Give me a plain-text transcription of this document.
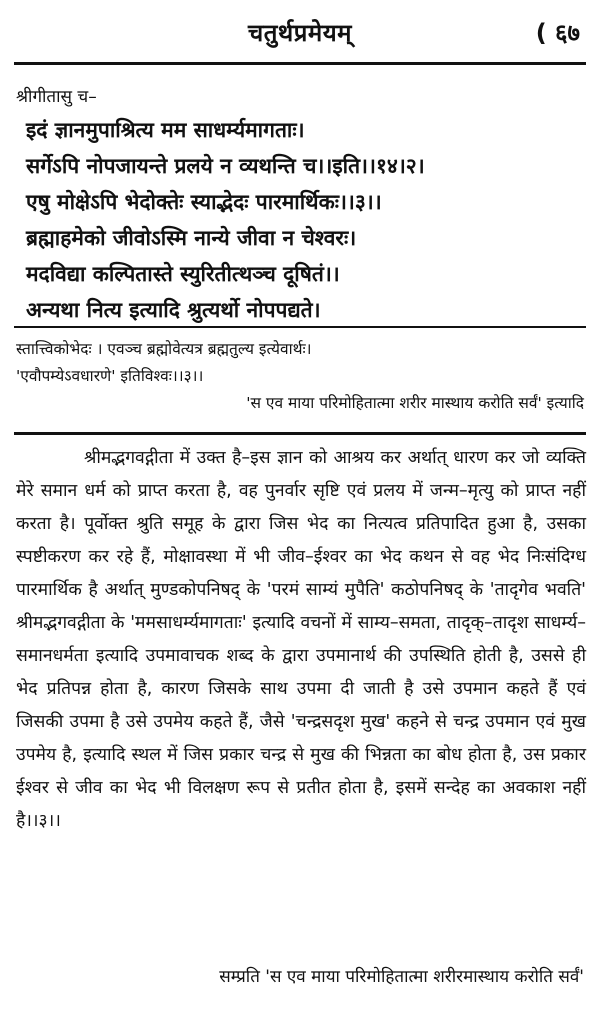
चतुर्थप्रमेयम्	( ६७
श्रीगीतासु च–
इदं ज्ञानमुपाश्रित्य मम साधर्म्यमागताः।
सर्गेऽपि नोपजायन्ते प्रलये न व्यथन्ति च।।इति।।१४।२।
एषु मोक्षेऽपि भेदोक्तेः स्याद्भेदः पारमार्थिकः।।३।।
ब्रह्माहमेको जीवोऽस्मि नान्ये जीवा न चेश्वरः।
मदविद्या कल्पितास्ते स्युरितीत्थञ्च दूषितं।।
अन्यथा नित्य इत्यादि श्रुत्यर्थो नोपपद्यते।
स्तात्त्विकोभेदः । एवञ्च ब्रह्मोवेत्यत्र ब्रह्मतुल्य इत्येवार्थः।
'एवौपम्येऽवधारणे' इतिविश्वः।।३।।
'स एव माया परिमोहितात्मा शरीर मास्थाय करोति सर्वं' इत्यादि

श्रीमद्भगवद्गीता में उक्त है–इस ज्ञान को आश्रय कर अर्थात् धारण कर जो व्यक्ति मेरे समान धर्म को प्राप्त करता है, वह पुनर्वार सृष्टि एवं प्रलय में जन्म–मृत्यु को प्राप्त नहीं करता है। पूर्वोक्त श्रुति समूह के द्वारा जिस भेद का नित्यत्व प्रतिपादित हुआ है, उसका स्पष्टीकरण कर रहे हैं, मोक्षावस्था में भी जीव–ईश्वर का भेद कथन से वह भेद निःसंदिग्ध पारमार्थिक है अर्थात् मुण्डकोपनिषद् के 'परमं साम्यं मुपैति' कठोपनिषद् के 'तादृगेव भवति' श्रीमद्भगवद्गीता के 'ममसाधर्म्यमागताः' इत्यादि वचनों में साम्य–समता, तादृक्–तादृश साधर्म्य–समानधर्मता इत्यादि उपमावाचक शब्द के द्वारा उपमानार्थ की उपस्थिति होती है, उससे ही भेद प्रतिपन्न होता है, कारण जिसके साथ उपमा दी जाती है उसे उपमान कहते हैं एवं जिसकी उपमा है उसे उपमेय कहते हैं, जैसे 'चन्द्रसदृश मुख' कहने से चन्द्र उपमान एवं मुख उपमेय है, इत्यादि स्थल में जिस प्रकार चन्द्र से मुख की भिन्नता का बोध होता है, उस प्रकार ईश्वर से जीव का भेद भी विलक्षण रूप से प्रतीत होता है, इसमें सन्देह का अवकाश नहीं है।।३।।

सम्प्रति 'स एव माया परिमोहितात्मा शरीरमास्थाय करोति सर्वं'
